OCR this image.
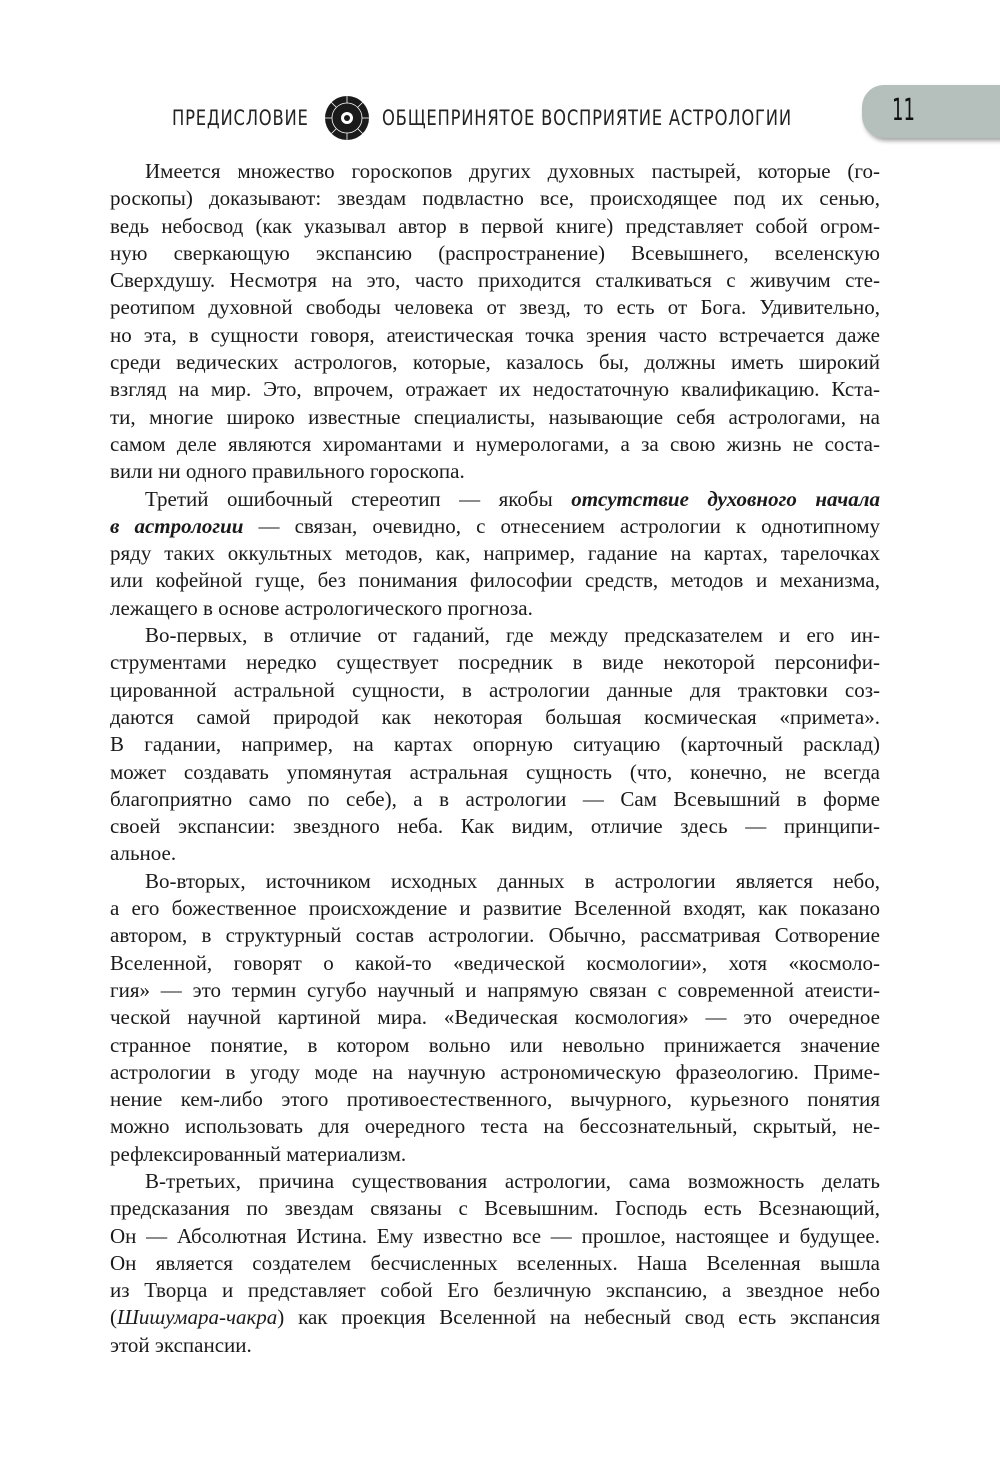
ПРЕДИСЛОВИЕ	ОБЩЕПРИНЯТОЕ ВОСПРИЯТИЕ АСТРОЛОГИИ	11
Имеется множество гороскопов других духовных пастырей, которые (го-
роскопы) доказывают: звездам подвластно все, происходящее под их сенью,
ведь небосвод (как указывал автор в первой книге) представляет собой огром-
ную сверкающую экспансию (распространение) Всевышнего, вселенскую
Сверхдушу. Несмотря на это, часто приходится сталкиваться с живучим сте-
реотипом духовной свободы человека от звезд, то есть от Бога. Удивительно,
но эта, в сущности говоря, атеистическая точка зрения часто встречается даже
среди ведических астрологов, которые, казалось бы, должны иметь широкий
взгляд на мир. Это, впрочем, отражает их недостаточную квалификацию. Кста-
ти, многие широко известные специалисты, называющие себя астрологами, на
самом деле являются хиромантами и нумерологами, а за свою жизнь не соста-
вили ни одного правильного гороскопа.
Третий ошибочный стереотип — якобы отсутствие духовного начала
в астрологии — связан, очевидно, с отнесением астрологии к однотипному
ряду таких оккультных методов, как, например, гадание на картах, тарелочках
или кофейной гуще, без понимания философии средств, методов и механизма,
лежащего в основе астрологического прогноза.
Во-первых, в отличие от гаданий, где между предсказателем и его ин-
струментами нередко существует посредник в виде некоторой персонифи-
цированной астральной сущности, в астрологии данные для трактовки соз-
даются самой природой как некоторая большая космическая «примета».
В гадании, например, на картах опорную ситуацию (карточный расклад)
может создавать упомянутая астральная сущность (что, конечно, не всегда
благоприятно само по себе), а в астрологии — Сам Всевышний в форме
своей экспансии: звездного неба. Как видим, отличие здесь — принципи-
альное.
Во-вторых, источником исходных данных в астрологии является небо,
а его божественное происхождение и развитие Вселенной входят, как показано
автором, в структурный состав астрологии. Обычно, рассматривая Сотворение
Вселенной, говорят о какой-то «ведической космологии», хотя «космоло-
гия» — это термин сугубо научный и напрямую связан с современной атеисти-
ческой научной картиной мира. «Ведическая космология» — это очередное
странное понятие, в котором вольно или невольно принижается значение
астрологии в угоду моде на научную астрономическую фразеологию. Приме-
нение кем-либо этого противоестественного, вычурного, курьезного понятия
можно использовать для очередного теста на бессознательный, скрытый, не-
рефлексированный материализм.
В-третьих, причина существования астрологии, сама возможность делать
предсказания по звездам связаны с Всевышним. Господь есть Всезнающий,
Он — Абсолютная Истина. Ему известно все — прошлое, настоящее и будущее.
Он является создателем бесчисленных вселенных. Наша Вселенная вышла
из Творца и представляет собой Его безличную экспансию, а звездное небо
(Шишумара-чакра) как проекция Вселенной на небесный свод есть экспансия
этой экспансии.
